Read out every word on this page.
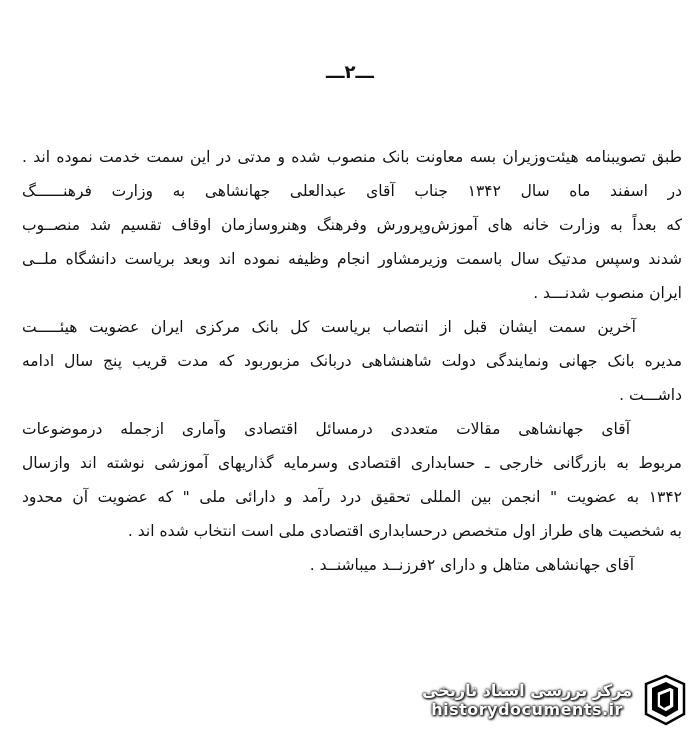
ـــ۲ـــ
طبق تصویبنامه هیئت‌وزیران بسه معاونت بانک منصوب شده و مدتی در این سمت خدمت نموده اند .
در اسفند ماه سال ۱۳۴۲ جناب آقای عبدالعلی جهانشاهی به وزارت فرهنــــــگ
که بعداً به وزارت خانه های آموزش‌وپرورش وفرهنگ وهنروسازمان اوقاف تقسیم شد منصــوب
شدند وسپس مدتیک سال باسمت وزیرمشاور انجام وظیفه نموده اند وبعد بریاست دانشگاه ملــی
ایران منصوب شدنـــد .
آخرین سمت ایشان قبل از انتصاب بریاست کل بانک مرکزی ایران عضویت هیئـــــت
مدیره بانک جهانی ونمایندگی دولت شاهنشاهی دربانک مزبوربود که مدت قریب پنج سال ادامه
داشـــت .
آقای جهانشاهی مقالات متعددی درمسائل اقتصادی وآماری ازجمله درموضوعات
مربوط به بازرگانی خارجی ـ حسابداری اقتصادی وسرمایه گذاریهای آموزشی نوشته اند وازسال
۱۳۴۲ به عضویت " انجمن بین المللی تحقیق درد رآمد و دارائی ملی " که عضویت آن محدود
به شخصیت های طراز اول متخصص درحسابداری اقتصادی ملی است انتخاب شده اند .
آقای جهانشاهی متاهل و دارای ۲فرزنــد میباشنــد .
مرکز بررسی اسناد تاریخی
historydocuments.ir
